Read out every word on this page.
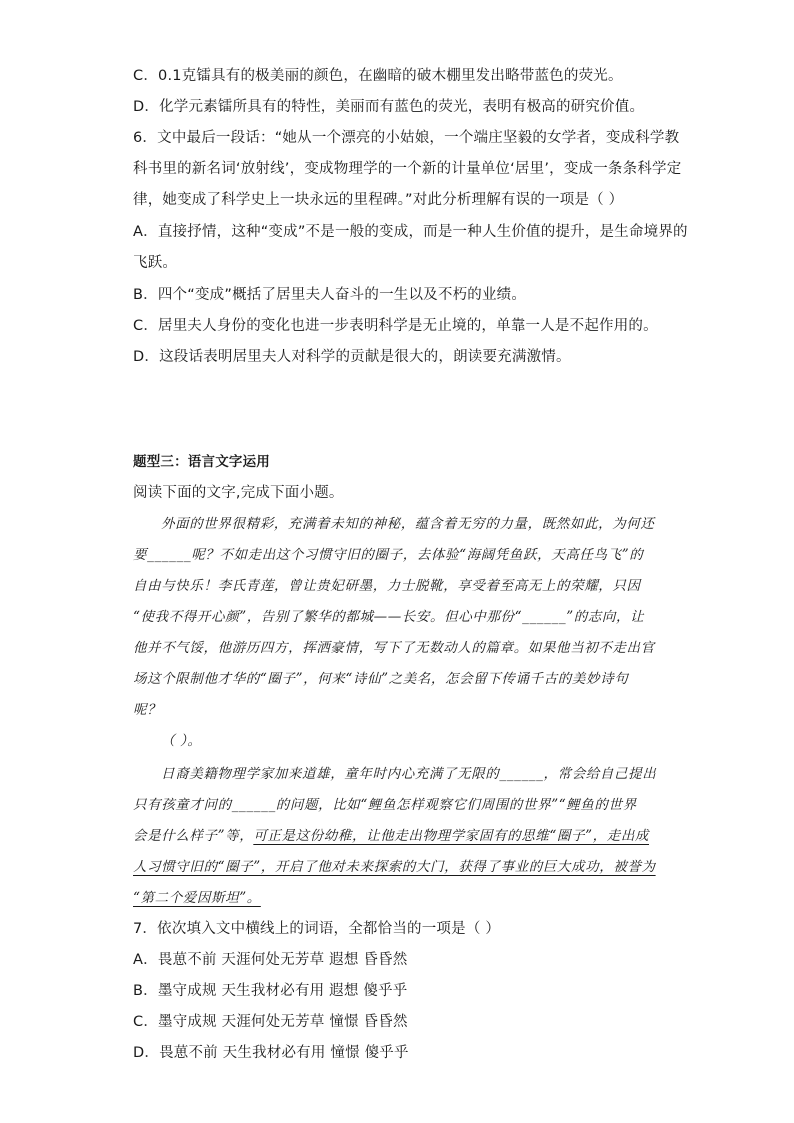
C．0.1克镭具有的极美丽的颜色，在幽暗的破木棚里发出略带蓝色的荧光。
D．化学元素镭所具有的特性，美丽而有蓝色的荧光，表明有极高的研究价值。
6．文中最后一段话：“她从一个漂亮的小姑娘，一个端庄坚毅的女学者，变成科学教
科书里的新名词‘放射线’，变成物理学的一个新的计量单位‘居里’，变成一条条科学定
律，她变成了科学史上一块永远的里程碑。”对此分析理解有误的一项是（ ）
A．直接抒情，这种“变成”不是一般的变成，而是一种人生价值的提升，是生命境界的
飞跃。
B．四个“变成”概括了居里夫人奋斗的一生以及不朽的业绩。
C．居里夫人身份的变化也进一步表明科学是无止境的，单靠一人是不起作用的。
D．这段话表明居里夫人对科学的贡献是很大的，朗读要充满激情。
题型三：语言文字运用
阅读下面的文字,完成下面小题。
外面的世界很精彩，充满着未知的神秘，蕴含着无穷的力量，既然如此，为何还
要______呢？不如走出这个习惯守旧的圈子，去体验“海阔凭鱼跃，天高任鸟飞”的
自由与快乐！李氏青莲，曾让贵妃研墨，力士脱靴，享受着至高无上的荣耀，只因
“使我不得开心颜”，告别了繁华的都城——长安。但心中那份“______”的志向，让
他并不气馁，他游历四方，挥洒豪情，写下了无数动人的篇章。如果他当初不走出官
场这个限制他才华的“圈子”，何来“诗仙”之美名，怎会留下传诵千古的美妙诗句
呢？
（ ）。
日裔美籍物理学家加来道雄，童年时内心充满了无限的______，常会给自己提出
只有孩童才问的______的问题，比如“鲤鱼怎样观察它们周围的世界”“鲤鱼的世界
会是什么样子”等，可正是这份幼稚，让他走出物理学家固有的思维“圈子”，走出成
人习惯守旧的“圈子”，开启了他对未来探索的大门，获得了事业的巨大成功，被誉为
“第二个爱因斯坦”。
7．依次填入文中横线上的词语，全都恰当的一项是（ ）
A．畏葸不前 天涯何处无芳草 遐想 昏昏然
B．墨守成规 天生我材必有用 遐想 傻乎乎
C．墨守成规 天涯何处无芳草 憧憬 昏昏然
D．畏葸不前 天生我材必有用 憧憬 傻乎乎
